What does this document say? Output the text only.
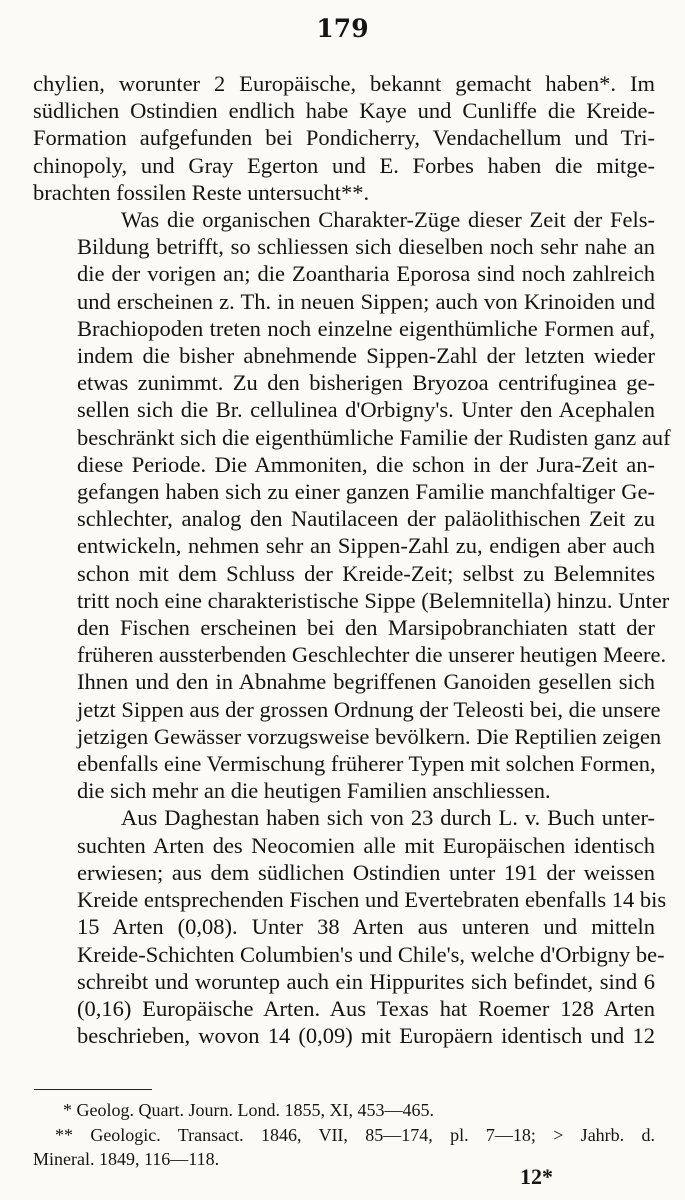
179

chylien, worunter 2 Europäische, bekannt gemacht haben*. Im
südlichen Ostindien endlich habe Kaye und Cunliffe die Kreide-
Formation aufgefunden bei Pondicherry, Vendachellum und Tri-
chinopoly, und Gray Egerton und E. Forbes haben die mitge-
brachten fossilen Reste untersucht**.

Was die organischen Charakter-Züge dieser Zeit der Fels-
Bildung betrifft, so schliessen sich dieselben noch sehr nahe an
die der vorigen an; die Zoantharia Eporosa sind noch zahlreich
und erscheinen z. Th. in neuen Sippen; auch von Krinoiden und
Brachiopoden treten noch einzelne eigenthümliche Formen auf,
indem die bisher abnehmende Sippen-Zahl der letzten wieder
etwas zunimmt. Zu den bisherigen Bryozoa centrifuginea ge-
sellen sich die Br. cellulinea d'Orbigny's. Unter den Acephalen
beschränkt sich die eigenthümliche Familie der Rudisten ganz auf
diese Periode. Die Ammoniten, die schon in der Jura-Zeit an-
gefangen haben sich zu einer ganzen Familie manchfaltiger Ge-
schlechter, analog den Nautilaceen der paläolithischen Zeit zu
entwickeln, nehmen sehr an Sippen-Zahl zu, endigen aber auch
schon mit dem Schluss der Kreide-Zeit; selbst zu Belemnites
tritt noch eine charakteristische Sippe (Belemnitella) hinzu. Unter
den Fischen erscheinen bei den Marsipobranchiaten statt der
früheren aussterbenden Geschlechter die unserer heutigen Meere.
Ihnen und den in Abnahme begriffenen Ganoiden gesellen sich
jetzt Sippen aus der grossen Ordnung der Teleosti bei, die unsere
jetzigen Gewässer vorzugsweise bevölkern. Die Reptilien zeigen
ebenfalls eine Vermischung früherer Typen mit solchen Formen,
die sich mehr an die heutigen Familien anschliessen.

Aus Daghestan haben sich von 23 durch L. v. Buch unter-
suchten Arten des Neocomien alle mit Europäischen identisch
erwiesen; aus dem südlichen Ostindien unter 191 der weissen
Kreide entsprechenden Fischen und Evertebraten ebenfalls 14 bis
15 Arten (0,08). Unter 38 Arten aus unteren und mitteln
Kreide-Schichten Columbien's und Chile's, welche d'Orbigny be-
schreibt und woruntер auch ein Hippurites sich befindet, sind 6
(0,16) Europäische Arten. Aus Texas hat Roemer 128 Arten
beschrieben, wovon 14 (0,09) mit Europäern identisch und 12

* Geolog. Quart. Journ. Lond. 1855, XI, 453—465.
** Geologic. Transact. 1846, VII, 85—174, pl. 7—18; > Jahrb. d.
Mineral. 1849, 116—118.
12*
